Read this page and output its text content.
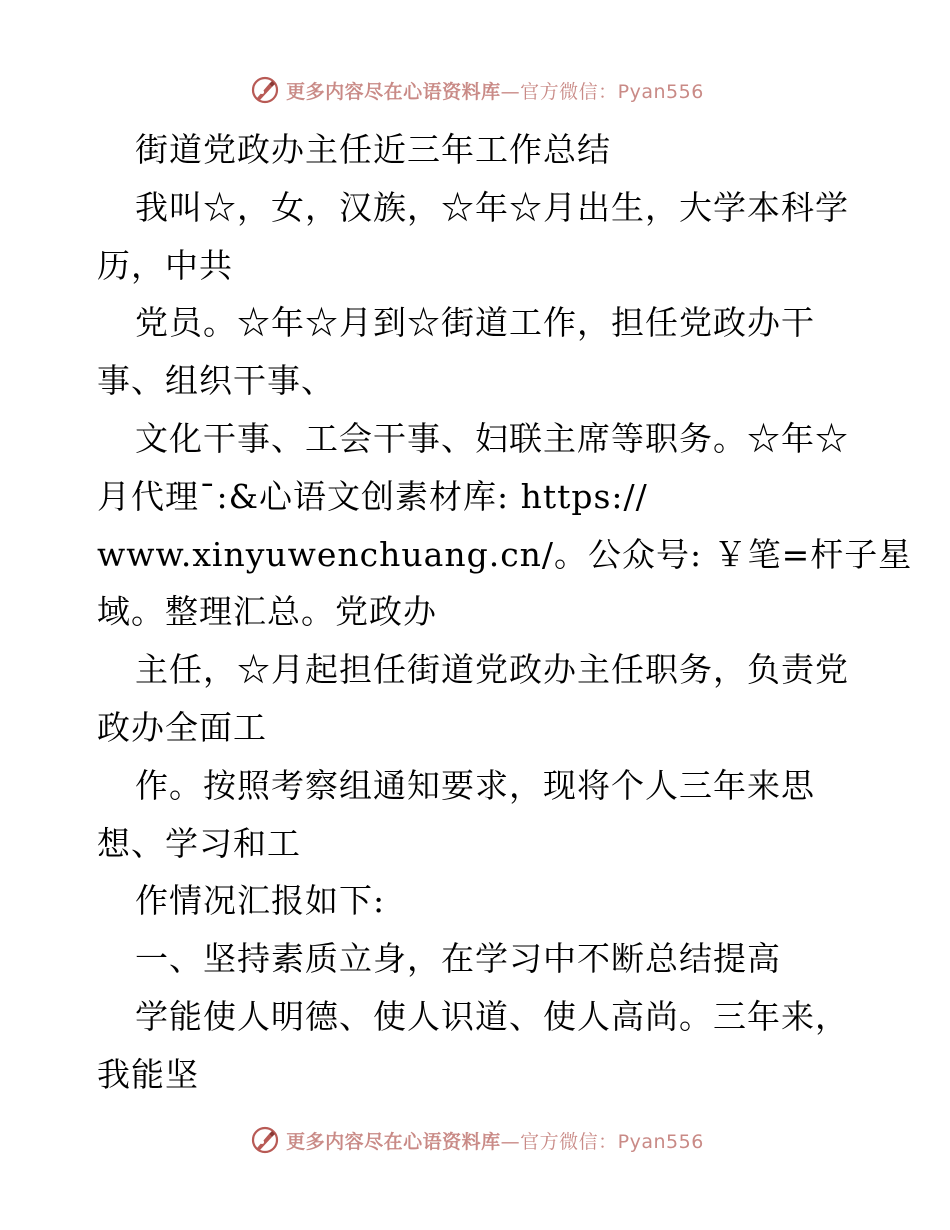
更多内容尽在心语资料库—官方微信：Pyan556
街道党政办主任近三年工作总结
我叫☆，女，汉族，☆年☆月出生，大学本科学
历，中共
党员。☆年☆月到☆街道工作，担任党政办干
事、组织干事、
文化干事、工会干事、妇联主席等职务。☆年☆
月代理¯:&心语文创素材库: https://
www.xinyuwenchuang.cn/。公众号: ￥笔=杆子星
域。整理汇总。党政办
主任，☆月起担任街道党政办主任职务，负责党
政办全面工
作。按照考察组通知要求，现将个人三年来思
想、学习和工
作情况汇报如下:
一、坚持素质立身，在学习中不断总结提高
学能使人明德、使人识道、使人高尚。三年来，
我能坚
更多内容尽在心语资料库—官方微信：Pyan556
